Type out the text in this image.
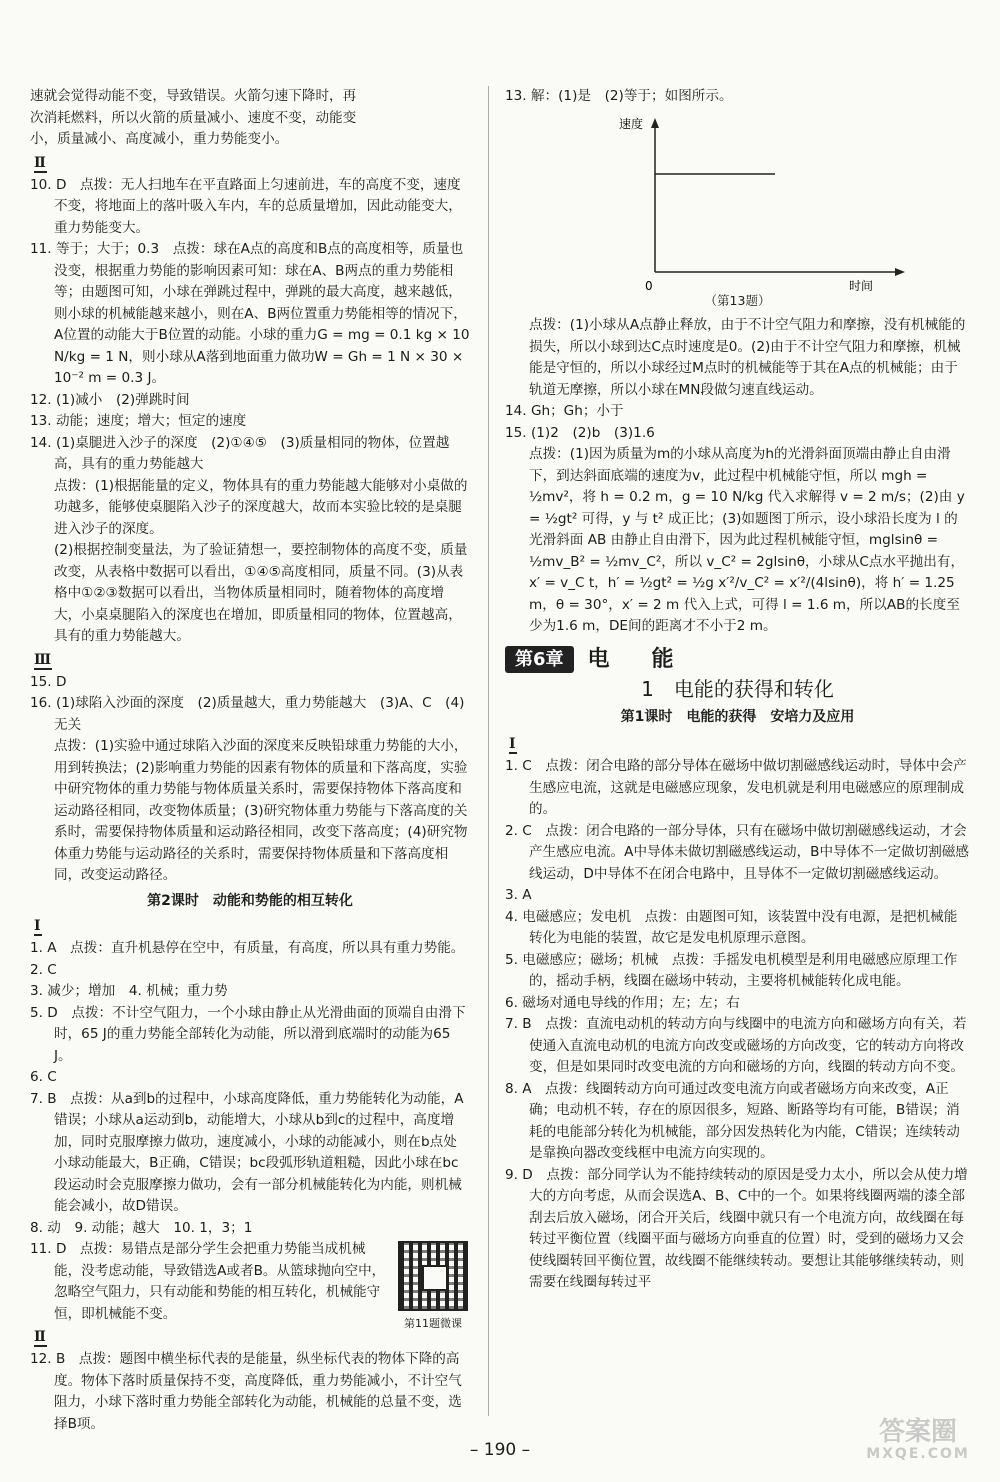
速就会觉得动能不变，导致错误。火箭匀速下降时，再

次消耗燃料，所以火箭的质量减小、速度不变，动能变

小，质量减小、高度减小，重力势能变小。

Ⅱ

10. D　点拨：无人扫地车在平直路面上匀速前进，车的高度不变，速度不变，将地面上的落叶吸入车内，车的总质量增加，因此动能变大，重力势能变大。

11. 等于；大于；0.3　点拨：球在A点的高度和B点的高度相等，质量也没变，根据重力势能的影响因素可知：球在A、B两点的重力势能相等；由题图可知，小球在弹跳过程中，弹跳的最大高度，越来越低，则小球的机械能越来越小，则在A、B两位置重力势能相等的情况下，A位置的动能大于B位置的动能。小球的重力G = mg = 0.1 kg × 10 N/kg = 1 N，则小球从A落到地面重力做功W = Gh = 1 N × 30 × 10⁻² m = 0.3 J。

12. (1)减小　(2)弹跳时间

13. 动能；速度；增大；恒定的速度

14. (1)桌腿进入沙子的深度　(2)①④⑤　(3)质量相同的物体，位置越高，具有的重力势能越大

点拨：(1)根据能量的定义，物体具有的重力势能越大能够对小桌做的功越多，能够使桌腿陷入沙子的深度越大，故而本实验比较的是桌腿进入沙子的深度。

(2)根据控制变量法，为了验证猜想一，要控制物体的高度不变，质量改变，从表格中数据可以看出，①④⑤高度相同，质量不同。(3)从表格中①②③数据可以看出，当物体质量相同时，随着物体的高度增大，小桌桌腿陷入的深度也在增加，即质量相同的物体，位置越高，具有的重力势能越大。

Ⅲ

15. D

16. (1)球陷入沙面的深度　(2)质量越大，重力势能越大　(3)A、C　(4)无关

点拨：(1)实验中通过球陷入沙面的深度来反映铅球重力势能的大小，用到转换法；(2)影响重力势能的因素有物体的质量和下落高度，实验中研究物体的重力势能与物体质量关系时，需要保持物体下落高度和运动路径相同，改变物体质量；(3)研究物体重力势能与下落高度的关系时，需要保持物体质量和运动路径相同，改变下落高度；(4)研究物体重力势能与运动路径的关系时，需要保持物体质量和下落高度相同，改变运动路径。

第2课时　动能和势能的相互转化
Ⅰ

1. A　点拨：直升机悬停在空中，有质量，有高度，所以具有重力势能。

2. C

3. 减少；增加　4. 机械；重力势

5. D　点拨：不计空气阻力，一个小球由静止从光滑曲面的顶端自由滑下时，65 J的重力势能全部转化为动能，所以滑到底端时的动能为65 J。

6. C

7. B　点拨：从a到b的过程中，小球高度降低，重力势能转化为动能，A错误；小球从a运动到b，动能增大，小球从b到c的过程中，高度增加，同时克服摩擦力做功，速度减小，小球的动能减小，则在b点处小球动能最大，B正确，C错误；bc段弧形轨道粗糙，因此小球在bc段运动时会克服摩擦力做功，会有一部分机械能转化为内能，则机械能会减小，故D错误。

8. 动　9. 动能；越大　10. 1，3；1

第11题微课

11. D　点拨：易错点是部分学生会把重力势能当成机械能，没考虑动能，导致错选A或者B。从篮球抛向空中，忽略空气阻力，只有动能和势能的相互转化，机械能守恒，即机械能不变。

Ⅱ

12. B　点拨：题图中横坐标代表的是能量，纵坐标代表的物体下降的高度。物体下落时质量保持不变，高度降低，重力势能减小，不计空气阻力，小球下落时重力势能全部转化为动能，机械能的总量不变，选择B项。

13. 解：(1)是　(2)等于；如图所示。

速度
时间
0
（第13题）

点拨：(1)小球从A点静止释放，由于不计空气阻力和摩擦，没有机械能的损失，所以小球到达C点时速度是0。(2)由于不计空气阻力和摩擦，机械能是守恒的，所以小球经过M点时的机械能等于其在A点的机械能；由于轨道无摩擦，所以小球在MN段做匀速直线运动。

14. Gh；Gh；小于

15. (1)2　(2)b　(3)1.6

点拨：(1)因为质量为m的小球从高度为h的光滑斜面顶端由静止自由滑下，到达斜面底端的速度为v，此过程中机械能守恒，所以 mgh = ½mv²，将 h = 0.2 m，g = 10 N/kg 代入求解得 v = 2 m/s；(2)由 y = ½gt² 可得，y 与 t² 成正比；(3)如题图丁所示，设小球沿长度为 l 的光滑斜面 AB 由静止自由滑下，因为此过程机械能守恒，mglsinθ = ½mv_B² = ½mv_C²，所以 v_C² = 2glsinθ，小球从C点水平抛出有，x′ = v_C t，h′ = ½gt² = ½g x′²/v_C² = x′²/(4lsinθ)，将 h′ = 1.25 m，θ = 30°，x′ = 2 m 代入上式，可得 l = 1.6 m，所以AB的长度至少为1.6 m，DE间的距离才不小于2 m。

第6章	电　能
1　电能的获得和转化
第1课时　电能的获得　安培力及应用
Ⅰ

1. C　点拨：闭合电路的部分导体在磁场中做切割磁感线运动时，导体中会产生感应电流，这就是电磁感应现象，发电机就是利用电磁感应的原理制成的。

2. C　点拨：闭合电路的一部分导体，只有在磁场中做切割磁感线运动，才会产生感应电流。A中导体未做切割磁感线运动，B中导体不一定做切割磁感线运动，D中导体不在闭合电路中，且导体不一定做切割磁感线运动。

3. A

4. 电磁感应；发电机　点拨：由题图可知，该装置中没有电源，是把机械能转化为电能的装置，故它是发电机原理示意图。

5. 电磁感应；磁场；机械　点拨：手摇发电机模型是利用电磁感应原理工作的，摇动手柄，线圈在磁场中转动，主要将机械能转化成电能。

6. 磁场对通电导线的作用；左；左；右

7. B　点拨：直流电动机的转动方向与线圈中的电流方向和磁场方向有关，若使通入直流电动机的电流方向改变或磁场的方向改变，它的转动方向将改变，但是如果同时改变电流的方向和磁场的方向，线圈的转动方向不变。

8. A　点拨：线圈转动方向可通过改变电流方向或者磁场方向来改变，A正确；电动机不转，存在的原因很多，短路、断路等均有可能，B错误；消耗的电能部分转化为机械能，部分因发热转化为内能，C错误；连续转动是靠换向器改变线框中电流方向实现的。

9. D　点拨：部分同学认为不能持续转动的原因是受力太小，所以会从使力增大的方向考虑，从而会误选A、B、C中的一个。如果将线圈两端的漆全部刮去后放入磁场，闭合开关后，线圈中就只有一个电流方向，故线圈在每转过平衡位置（线圈平面与磁场方向垂直的位置）时，受到的磁场力又会使线圈转回平衡位置，故线圈不能继续转动。要想让其能够继续转动，则需要在线圈每转过平

– 190 –
答案圈
MXQE.COM
